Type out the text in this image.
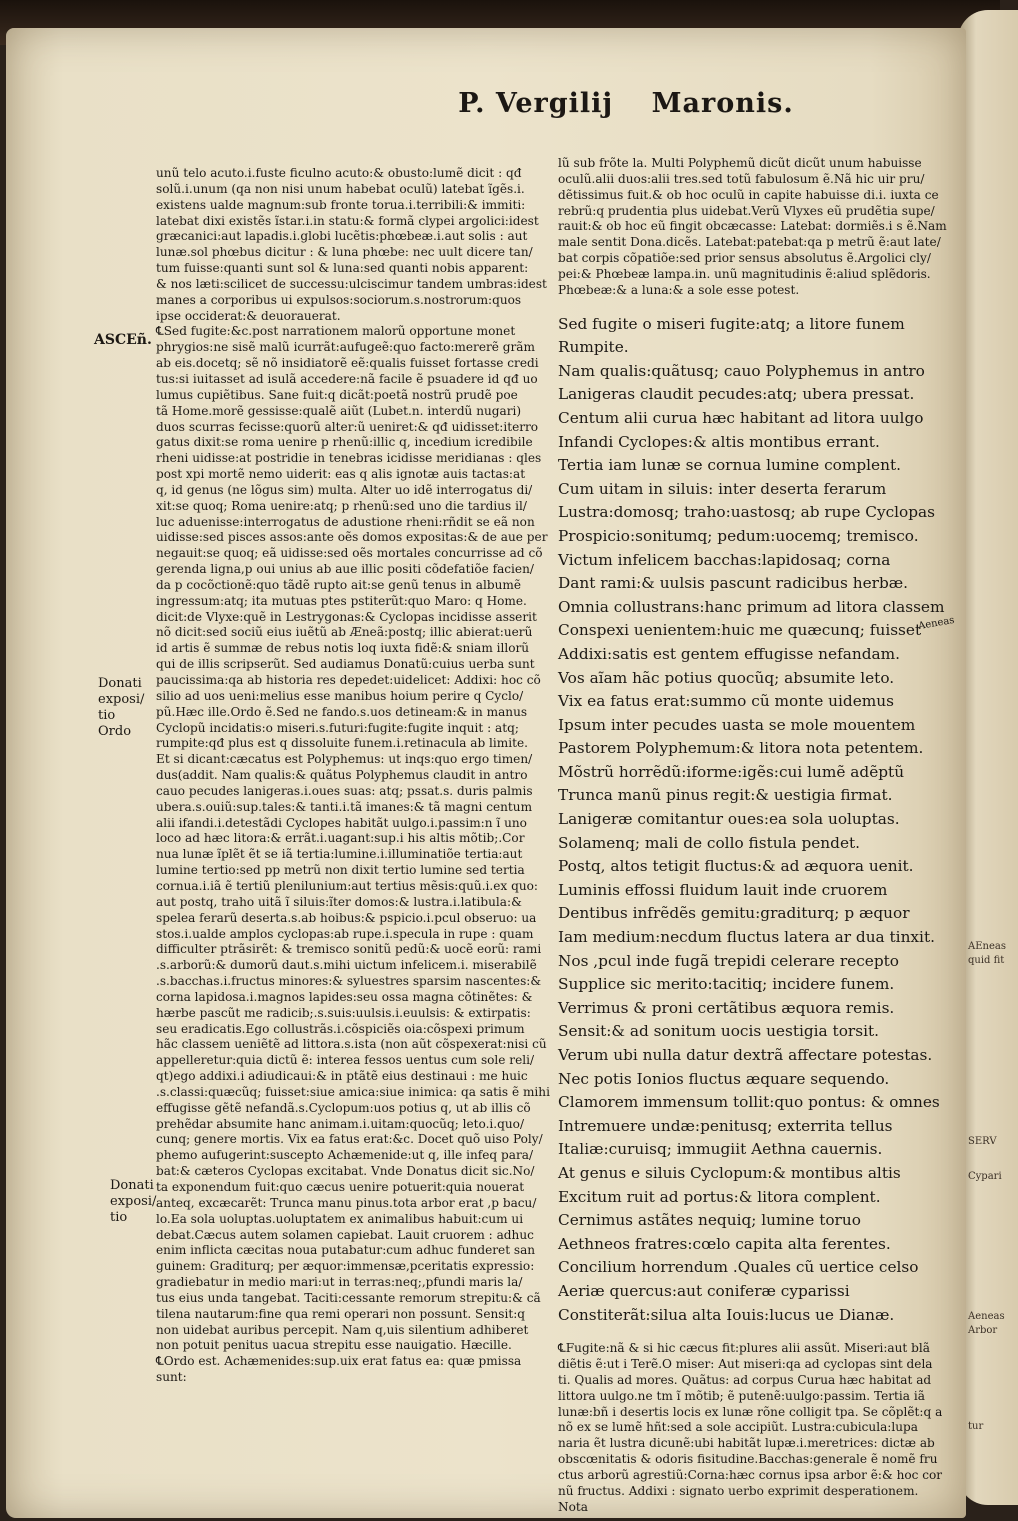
AEneas
quid fit
SERV
Cypari
Aeneas
Arbor
tur
P. Vergilij Maronis.
ASCEñ.
Donati
exposi/
tio
Ordo
Donati
exposi/
tio
Aeneas
unũ telo acuto.i.fuste ficulno acuto:& obusto:lumẽ dicit : qđ
solũ.i.unum (qa non nisi unum habebat oculũ) latebat ĩgẽs.i.
existens ualde magnum:sub fronte torua.i.terribili:& immiti:
latebat dixi existẽs ĩstar.i.in statu:& formã clypei argolici:idest
græcanici:aut lapadis.i.globi lucẽtis:phœbeæ.i.aut solis : aut
lunæ.sol phœbus dicitur : & luna phœbe: nec uult dicere tan/
tum fuisse:quanti sunt sol & luna:sed quanti nobis apparent:
& nos læti:scilicet de successu:ulciscimur tandem umbras:idest
manes a corporibus ui expulsos:sociorum.s.nostrorum:quos
ipse occiderat:& deuorauerat.
℄Sed fugite:&c.post narrationem malorũ opportune monet
phrygios:ne sisẽ malũ icurrãt:aufugeẽ:quo facto:mererẽ grãm
ab eis.docetq; sẽ nõ insidiatorẽ eẽ:qualis fuisset fortasse credi
tus:si iuitasset ad isulã accedere:nã facile ẽ psuadere id qđ uo
lumus cupiẽtibus. Sane fuit:q dicãt:poetã nostrũ prudẽ poe
tã Home.morẽ gessisse:qualẽ aiũt (Lubet.n. interdũ nugari)
duos scurras fecisse:quorũ alter:ũ ueniret:& qđ uidisset:iterro
gatus dixit:se roma uenire p rhenũ:illic q, incedium icredibile
rheni uidisse:at postridie in tenebras icidisse meridianas : qles
post xpi mortẽ nemo uiderit: eas q alis ignotæ auis tactas:at
q, id genus (ne lõgus sim) multa. Alter uo idẽ interrogatus di/
xit:se quoq; Roma uenire:atq; p rhenũ:sed uno die tardius il/
luc aduenisse:interrogatus de adustione rheni:rñdit se eã non
uidisse:sed pisces assos:ante oẽs domos expositas:& de aue per
negauit:se quoq; eã uidisse:sed oẽs mortales concurrisse ad cõ
gerenda ligna,p oui unius ab aue illic positi cõdefatiõe facien/
da p cocõctionẽ:quo tãdẽ rupto ait:se genũ tenus in albumẽ
ingressum:atq; ita mutuas ptes pstiterũt:quo Maro: q Home.
dicit:de Vlyxe:quẽ in Lestrygonas:& Cyclopas incidisse asserit
nõ dicit:sed sociũ eius iuẽtũ ab Æneã:postq; illic abierat:uerũ
id artis ẽ summæ de rebus notis loq iuxta fidẽ:& sniam illorũ
qui de illis scripserũt. Sed audiamus Donatũ:cuius uerba sunt
paucissima:qa ab historia res depedet:uidelicet: Addixi: hoc cõ
silio ad uos ueni:melius esse manibus hoium perire q Cyclo/
pũ.Hæc ille.Ordo ẽ.Sed ne fando.s.uos detineam:& in manus
Cyclopũ incidatis:o miseri.s.futuri:fugite:fugite inquit : atq;
rumpite:qđ plus est q dissoluite funem.i.retinacula ab limite.
Et si dicant:cæcatus est Polyphemus: ut inqs:quo ergo timen/
dus(addit. Nam qualis:& quãtus Polyphemus claudit in antro
cauo pecudes lanigeras.i.oues suas: atq; pssat.s. duris palmis
ubera.s.ouiũ:sup.tales:& tanti.i.tã imanes:& tã magni centum
alii ifandi.i.detestãdi Cyclopes habitãt uulgo.i.passim:n ĩ uno
loco ad hæc litora:& errãt.i.uagant:sup.i his altis mõtib;.Cor
nua lunæ ĩplẽt ẽt se iã tertia:lumine.i.illuminatiõe tertia:aut
lumine tertio:sed pp metrũ non dixit tertio lumine sed tertia
cornua.i.iã ẽ tertiũ plenilunium:aut tertius mẽsis:quũ.i.ex quo:
aut postq, traho uitã ĩ siluis:ĩter domos:& lustra.i.latibula:&
spelea ferarũ deserta.s.ab hoibus:& pspicio.i.pcul obseruo: ua
stos.i.ualde amplos cyclopas:ab rupe.i.specula in rupe : quam
difficulter ptrãsirẽt: & tremisco sonitũ pedũ:& uocẽ eorũ: rami
.s.arborũ:& dumorũ daut.s.mihi uictum infelicem.i. miserabilẽ
.s.bacchas.i.fructus minores:& syluestres sparsim nascentes:&
corna lapidosa.i.magnos lapides:seu ossa magna cõtinẽtes: &
hærbe pascũt me radicib;.s.suis:uulsis.i.euulsis: & extirpatis:
seu eradicatis.Ego collustrãs.i.cõspiciẽs oia:cõspexi primum
hãc classem ueniẽtẽ ad littora.s.ista (non aũt cõspexerat:nisi cũ
appelleretur:quia dictũ ẽ: interea fessos uentus cum sole reli/
qt)ego addixi.i adiudicaui:& in ptãtẽ eius destinaui : me huic
.s.classi:quæcũq; fuisset:siue amica:siue inimica: qa satis ẽ mihi
effugisse gẽtẽ nefandã.s.Cyclopum:uos potius q, ut ab illis cõ
prehẽdar absumite hanc animam.i.uitam:quocũq; leto.i.quo/
cunq; genere mortis. Vix ea fatus erat:&c. Docet quõ uiso Poly/
phemo aufugerint:suscepto Achæmenide:ut q, ille infeq para/
bat:& cæteros Cyclopas excitabat. Vnde Donatus dicit sic.No/
ta exponendum fuit:quo cæcus uenire potuerit:quia nouerat
anteq, excæcarẽt: Trunca manu pinus.tota arbor erat ,p bacu/
lo.Ea sola uoluptas.uoluptatem ex animalibus habuit:cum ui
debat.Cæcus autem solamen capiebat. Lauit cruorem : adhuc
enim inflicta cæcitas noua putabatur:cum adhuc funderet san
guinem: Graditurq; per æquor:immensæ,pceritatis expressio:
gradiebatur in medio mari:ut in terras:neq;,pfundi maris la/
tus eius unda tangebat. Taciti:cessante remorum strepitu:& cã
tilena nautarum:fine qua remi operari non possunt. Sensit:q
non uidebat auribus percepit. Nam q,uis silentium adhiberet
non potuit penitus uacua strepitu esse nauigatio. Hæcille.
℄Ordo est. Achæmenides:sup.uix erat fatus ea: quæ pmissa
sunt:
lũ sub frõte la. Multi Polyphemũ dicũt dicũt unum habuisse
oculũ.alii duos:alii tres.sed totũ fabulosum ẽ.Nã hic uir pru/
dẽtissimus fuit.& ob hoc oculũ in capite habuisse di.i. iuxta ce
rebrũ:q prudentia plus uidebat.Verũ Vlyxes eũ prudẽtia supe/
rauit:& ob hoc eũ fingit obcæcasse: Latebat: dormiẽs.i s ẽ.Nam
male sentit Dona.dicẽs. Latebat:patebat:qa p metrũ ẽ:aut late/
bat corpis cõpatiõe:sed prior sensus absolutus ẽ.Argolici cly/
pei:& Phœbeæ lampa.in. unũ magnitudinis ẽ:aliud splẽdoris.
Phœbeæ:& a luna:& a sole esse potest.
Sed fugite o miseri fugite:atq; a litore funem
Rumpite.
Nam qualis:quãtusq; cauo Polyphemus in antro
Lanigeras claudit pecudes:atq; ubera pressat.
Centum alii curua hæc habitant ad litora uulgo
Infandi Cyclopes:& altis montibus errant.
Tertia iam lunæ se cornua lumine complent.
Cum uitam in siluis: inter deserta ferarum
Lustra:domosq; traho:uastosq; ab rupe Cyclopas
Prospicio:sonitumq; pedum:uocemq; tremisco.
Victum infelicem bacchas:lapidosaq; corna
Dant rami:& uulsis pascunt radicibus herbæ.
Omnia collustrans:hanc primum ad litora classem
Conspexi uenientem:huic me quæcunq; fuisset
Addixi:satis est gentem effugisse nefandam.
Vos aĩam hãc potius quocũq; absumite leto.
Vix ea fatus erat:summo cũ monte uidemus
Ipsum inter pecudes uasta se mole mouentem
Pastorem Polyphemum:& litora nota petentem.
Mõstrũ horrẽdũ:iforme:igẽs:cui lumẽ adẽptũ
Trunca manũ pinus regit:& uestigia firmat.
Lanigeræ comitantur oues:ea sola uoluptas.
Solamenq; mali de collo fistula pendet.
Postq, altos tetigit fluctus:& ad æquora uenit.
Luminis effossi fluidum lauit inde cruorem
Dentibus infrẽdẽs gemitu:graditurq; p æquor
Iam medium:necdum fluctus latera ar dua tinxit.
Nos ,pcul inde fugã trepidi celerare recepto
Supplice sic merito:tacitiq; incidere funem.
Verrimus & proni certãtibus æquora remis.
Sensit:& ad sonitum uocis uestigia torsit.
Verum ubi nulla datur dextrã affectare potestas.
Nec potis Ionios fluctus æquare sequendo.
Clamorem immensum tollit:quo pontus: & omnes
Intremuere undæ:penitusq; exterrita tellus
Italiæ:curuisq; immugiit Aethna cauernis.
At genus e siluis Cyclopum:& montibus altis
Excitum ruit ad portus:& litora complent.
Cernimus astãtes nequiq; lumine toruo
Aethneos fratres:cœlo capita alta ferentes.
Concilium horrendum .Quales cũ uertice celso
Aeriæ quercus:aut coniferæ cyparissi
Constiterãt:silua alta Iouis:lucus ue Dianæ.
℄Fugite:nã & si hic cæcus fit:plures alii assũt. Miseri:aut blã
diẽtis ẽ:ut i Terẽ.O miser: Aut miseri:qa ad cyclopas sint dela
ti. Qualis ad mores. Quãtus: ad corpus Curua hæc habitat ad
littora uulgo.ne tm ĩ mõtib; ẽ putenẽ:uulgo:passim. Tertia iã
lunæ:bñ i desertis locis ex lunæ rõne colligit tpa. Se cõplẽt:q a
nõ ex se lumẽ hñt:sed a sole accipiũt. Lustra:cubicula:lupa
naria ẽt lustra dicunẽ:ubi habitãt lupæ.i.meretrices: dictæ ab
obscœnitatis & odoris fisitudine.Bacchas:generale ẽ nomẽ fru
ctus arborũ agrestiũ:Corna:hæc cornus ipsa arbor ẽ:& hoc cor
nũ fructus. Addixi : signato uerbo exprimit desperationem.
Nota
